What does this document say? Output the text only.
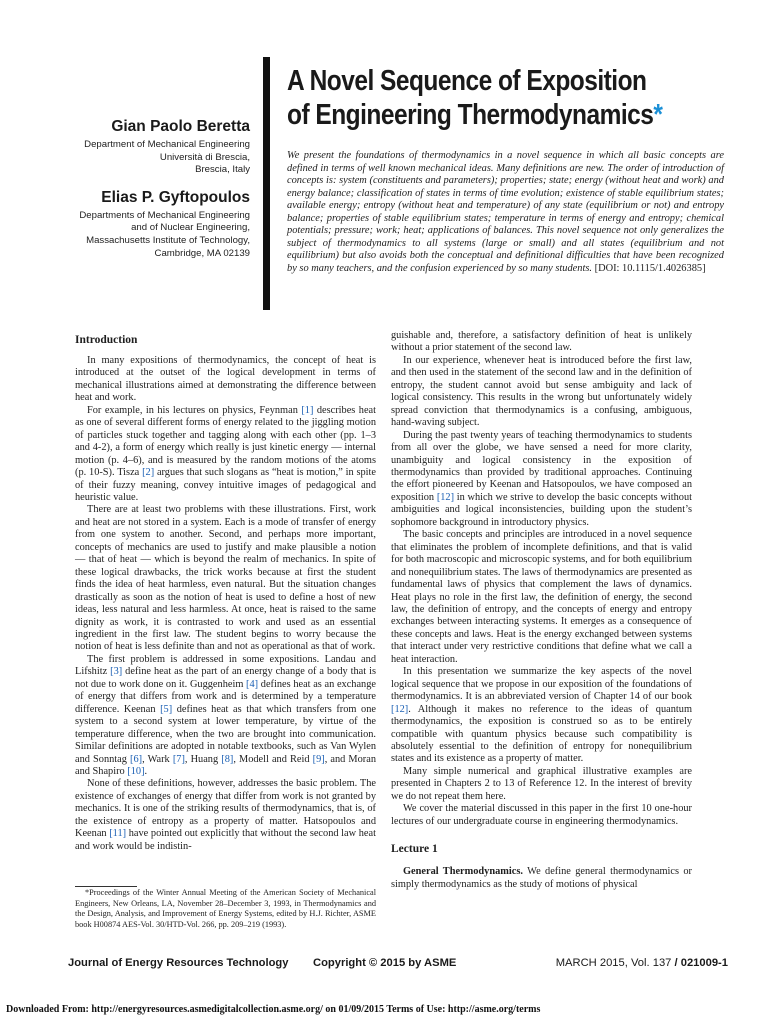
Gian Paolo Beretta

Department of Mechanical Engineering
Università di Brescia,
Brescia, Italy

Elias P. Gyftopoulos

Departments of Mechanical Engineering
and of Nuclear Engineering,
Massachusetts Institute of Technology,
Cambridge, MA 02139
A Novel Sequence of Exposition
of Engineering Thermodynamics*
We present the foundations of thermodynamics in a novel sequence in which all basic concepts are defined in terms of well known mechanical ideas. Many definitions are new. The order of introduction of concepts is: system (constituents and parameters); properties; state; energy (without heat and work) and energy balance; classification of states in terms of time evolution; existence of stable equilibrium states; available energy; entropy (without heat and temperature) of any state (equilibrium or not) and entropy balance; properties of stable equilibrium states; temperature in terms of energy and entropy; chemical potentials; pressure; work; heat; applications of balances. This novel sequence not only generalizes the subject of thermodynamics to all systems (large or small) and all states (equilibrium and not equilibrium) but also avoids both the conceptual and definitional difficulties that have been recognized by so many teachers, and the confusion experienced by so many students. [DOI: 10.1115/1.4026385]
Introduction

In many expositions of thermodynamics, the concept of heat is introduced at the outset of the logical development in terms of mechanical illustrations aimed at demonstrating the difference between heat and work.

For example, in his lectures on physics, Feynman [1] describes heat as one of several different forms of energy related to the jiggling motion of particles stuck together and tagging along with each other (pp. 1–3 and 4-2), a form of energy which really is just kinetic energy — internal motion (p. 4–6), and is measured by the random motions of the atoms (p. 10-S). Tisza [2] argues that such slogans as “heat is motion,” in spite of their fuzzy meaning, convey intuitive images of pedagogical and heuristic value.

There are at least two problems with these illustrations. First, work and heat are not stored in a system. Each is a mode of transfer of energy from one system to another. Second, and perhaps more important, concepts of mechanics are used to justify and make plausible a notion — that of heat — which is beyond the realm of mechanics. In spite of these logical drawbacks, the trick works because at first the student finds the idea of heat harmless, even natural. But the situation changes drastically as soon as the notion of heat is used to define a host of new ideas, less natural and less harmless. At once, heat is raised to the same dignity as work, it is contrasted to work and used as an essential ingredient in the first law. The student begins to worry because the notion of heat is less definite than and not as operational as that of work.

The first problem is addressed in some expositions. Landau and Lifshitz [3] define heat as the part of an energy change of a body that is not due to work done on it. Guggenheim [4] defines heat as an exchange of energy that differs from work and is determined by a temperature difference. Keenan [5] defines heat as that which transfers from one system to a second system at lower temperature, by virtue of the temperature difference, when the two are brought into communication. Similar definitions are adopted in notable textbooks, such as Van Wylen and Sonntag [6], Wark [7], Huang [8], Modell and Reid [9], and Moran and Shapiro [10].

None of these definitions, however, addresses the basic problem. The existence of exchanges of energy that differ from work is not granted by mechanics. It is one of the striking results of thermodynamics, that is, of the existence of entropy as a property of matter. Hatsopoulos and Keenan [11] have pointed out explicitly that without the second law heat and work would be indistin-

*Proceedings of the Winter Annual Meeting of the American Society of Mechanical Engineers, New Orleans, LA, November 28–December 3, 1993, in Thermodynamics and the Design, Analysis, and Improvement of Energy Systems, edited by H.J. Richter, ASME book H00874 AES-Vol. 30/HTD-Vol. 266, pp. 209–219 (1993).

guishable and, therefore, a satisfactory definition of heat is unlikely without a prior statement of the second law.

In our experience, whenever heat is introduced before the first law, and then used in the statement of the second law and in the definition of entropy, the student cannot avoid but sense ambiguity and lack of logical consistency. This results in the wrong but unfortunately widely spread conviction that thermodynamics is a confusing, ambiguous, hand-waving subject.

During the past twenty years of teaching thermodynamics to students from all over the globe, we have sensed a need for more clarity, unambiguity and logical consistency in the exposition of thermodynamics than provided by traditional approaches. Continuing the effort pioneered by Keenan and Hatsopoulos, we have composed an exposition [12] in which we strive to develop the basic concepts without ambiguities and logical inconsistencies, building upon the student’s sophomore background in introductory physics.

The basic concepts and principles are introduced in a novel sequence that eliminates the problem of incomplete definitions, and that is valid for both macroscopic and microscopic systems, and for both equilibrium and nonequilibrium states. The laws of thermodynamics are presented as fundamental laws of physics that complement the laws of dynamics. Heat plays no role in the first law, the definition of energy, the second law, the definition of entropy, and the concepts of energy and entropy exchanges between interacting systems. It emerges as a consequence of these concepts and laws. Heat is the energy exchanged between systems that interact under very restrictive conditions that define what we call a heat interaction.

In this presentation we summarize the key aspects of the novel logical sequence that we propose in our exposition of the foundations of thermodynamics. It is an abbreviated version of Chapter 14 of our book [12]. Although it makes no reference to the ideas of quantum thermodynamics, the exposition is construed so as to be entirely compatible with quantum physics because such compatibility is absolutely essential to the definition of entropy for nonequilibrium states and its existence as a property of matter.

Many simple numerical and graphical illustrative examples are presented in Chapters 2 to 13 of Reference 12. In the interest of brevity we do not repeat them here.

We cover the material discussed in this paper in the first 10 one-hour lectures of our undergraduate course in engineering thermodynamics.

Lecture 1

General Thermodynamics. We define general thermodynamics or simply thermodynamics as the study of motions of physical

Journal of Energy Resources Technology Copyright © 2015 by ASME	MARCH 2015, Vol. 137 / 021009-1
Downloaded From: http://energyresources.asmedigitalcollection.asme.org/ on 01/09/2015 Terms of Use: http://asme.org/terms
